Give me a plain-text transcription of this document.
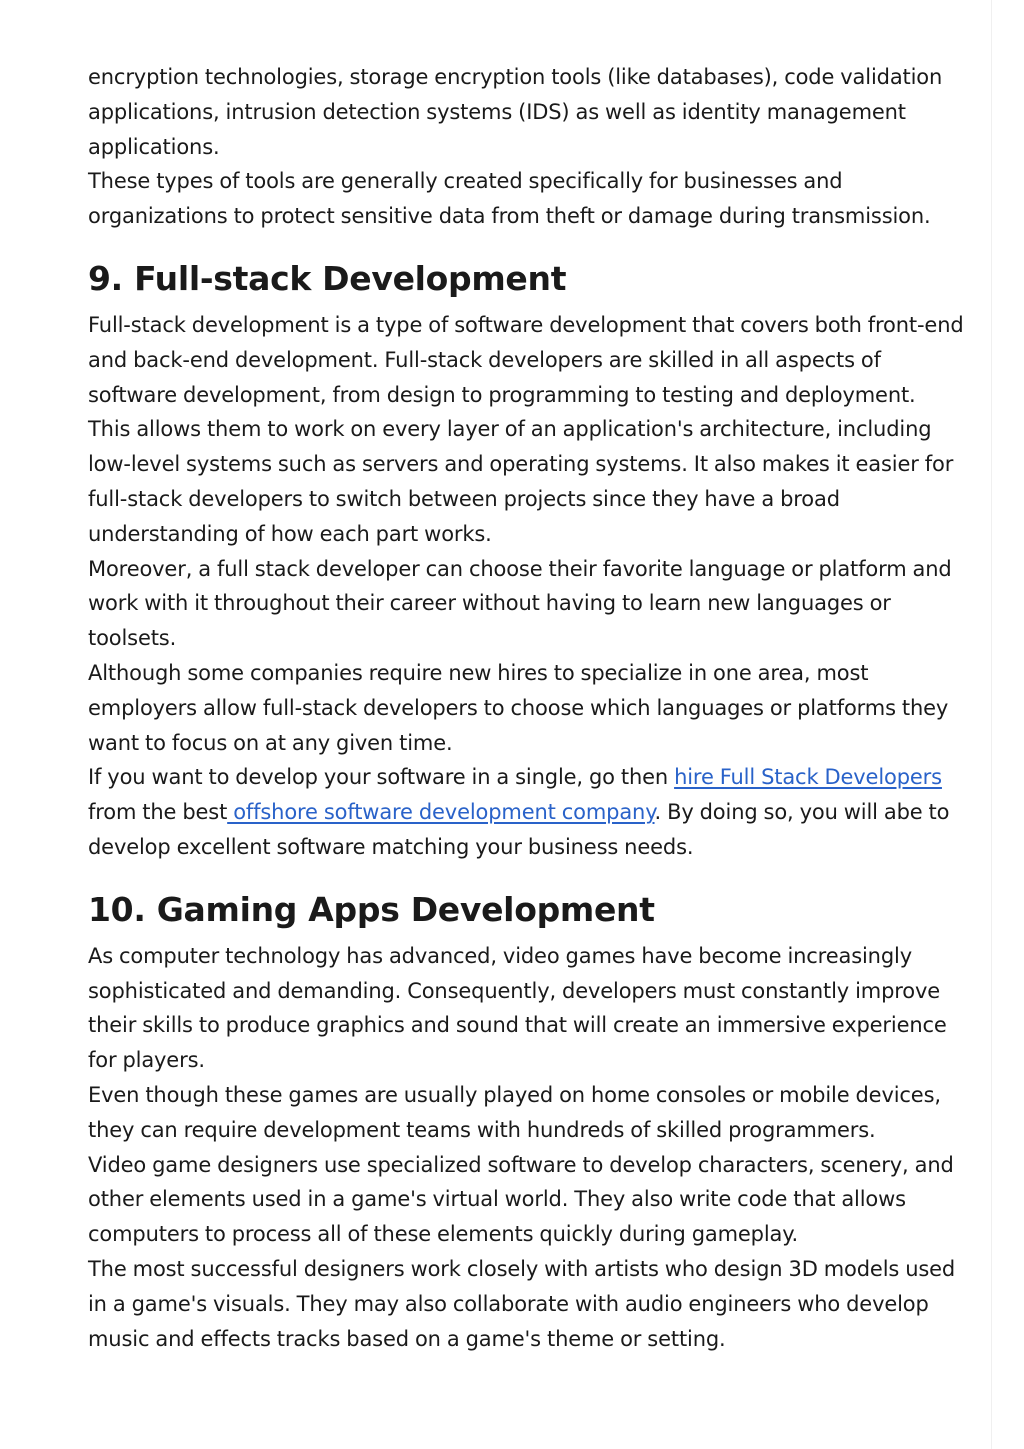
encryption technologies, storage encryption tools (like databases), code validation applications, intrusion detection systems (IDS) as well as identity management applications.

These types of tools are generally created specifically for businesses and organizations to protect sensitive data from theft or damage during transmission.

9. Full-stack Development

Full-stack development is a type of software development that covers both front-end and back-end development. Full-stack developers are skilled in all aspects of software development, from design to programming to testing and deployment.

This allows them to work on every layer of an application's architecture, including low-level systems such as servers and operating systems. It also makes it easier for full-stack developers to switch between projects since they have a broad understanding of how each part works.

Moreover, a full stack developer can choose their favorite language or platform and work with it throughout their career without having to learn new languages or toolsets.

Although some companies require new hires to specialize in one area, most employers allow full-stack developers to choose which languages or platforms they want to focus on at any given time.

If you want to develop your software in a single, go then hire Full Stack Developers from the best offshore software development company. By doing so, you will abe to develop excellent software matching your business needs.

10. Gaming Apps Development

As computer technology has advanced, video games have become increasingly sophisticated and demanding. Consequently, developers must constantly improve their skills to produce graphics and sound that will create an immersive experience for players.

Even though these games are usually played on home consoles or mobile devices, they can require development teams with hundreds of skilled programmers.

Video game designers use specialized software to develop characters, scenery, and other elements used in a game's virtual world. They also write code that allows computers to process all of these elements quickly during gameplay.

The most successful designers work closely with artists who design 3D models used in a game's visuals. They may also collaborate with audio engineers who develop music and effects tracks based on a game's theme or setting.
